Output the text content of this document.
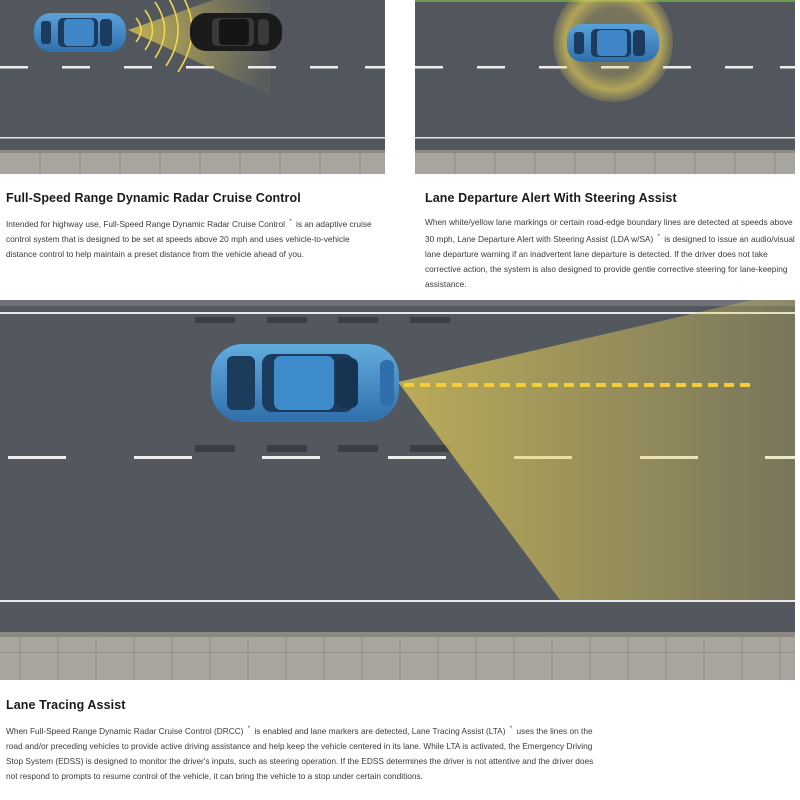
Full-Speed Range Dynamic Radar Cruise Control

Intended for highway use, Full-Speed Range Dynamic Radar Cruise Control * is an adaptive cruise control system that is designed to be set at speeds above 20 mph and uses vehicle-to-vehicle distance control to help maintain a preset distance from the vehicle ahead of you.

Lane Departure Alert With Steering Assist

When white/yellow lane markings or certain road-edge boundary lines are detected at speeds above 30 mph, Lane Departure Alert with Steering Assist (LDA w/SA) * is designed to issue an audio/visual lane departure warning if an inadvertent lane departure is detected. If the driver does not take corrective action, the system is also designed to provide gentle corrective steering for lane-keeping assistance.

Lane Tracing Assist

When Full-Speed Range Dynamic Radar Cruise Control (DRCC) * is enabled and lane markers are detected, Lane Tracing Assist (LTA) * uses the lines on the road and/or preceding vehicles to provide active driving assistance and help keep the vehicle centered in its lane. While LTA is activated, the Emergency Driving Stop System (EDSS) is designed to monitor the driver's inputs, such as steering operation. If the EDSS determines the driver is not attentive and the driver does not respond to prompts to resume control of the vehicle, it can bring the vehicle to a stop under certain conditions.
